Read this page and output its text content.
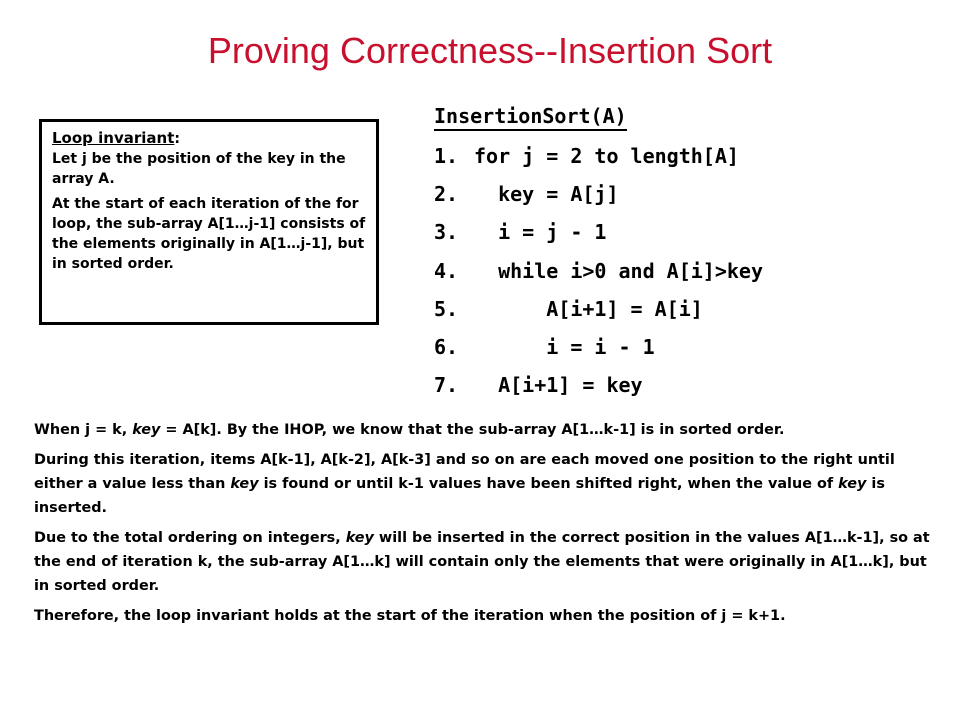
Proving Correctness--Insertion Sort
Loop invariant:

Let j be the position of the key in the array A.

At the start of each iteration of the for loop, the sub-array A[1…j-1] consists of the elements originally in A[1…j-1], but in sorted order.

InsertionSort(A)
1. for j = 2 to length[A]
2. key = A[j]
3. i = j - 1
4. while i>0 and A[i]>key
5. A[i+1] = A[i]
6. i = i - 1
7. A[i+1] = key

When j = k, key = A[k]. By the IHOP, we know that the sub-array A[1…k-1] is in sorted order.

During this iteration, items A[k-1], A[k-2], A[k-3] and so on are each moved one position to the right until either a value less than key is found or until k-1 values have been shifted right, when the value of key is inserted.

Due to the total ordering on integers, key will be inserted in the correct position in the values A[1…k-1], so at the end of iteration k, the sub-array A[1…k] will contain only the elements that were originally in A[1…k], but in sorted order.

Therefore, the loop invariant holds at the start of the iteration when the position of j = k+1.
